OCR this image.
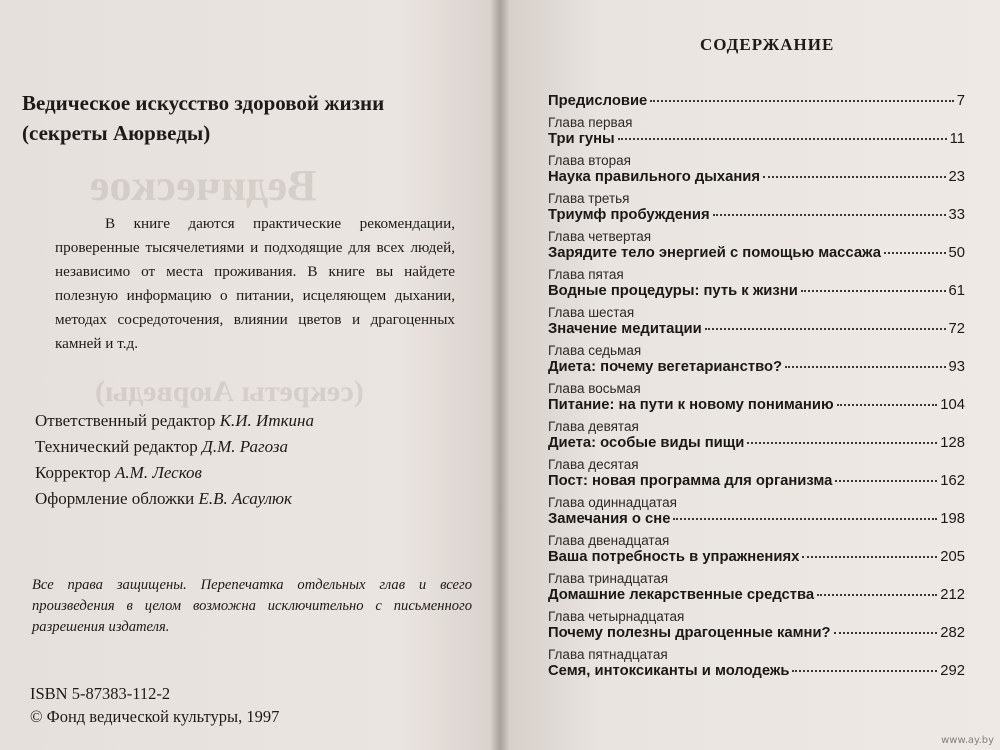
Ведическое
(секреты Аюрведы)
Ведическое искусство здоровой жизни
(секреты Аюрведы)
В книге даются практические рекомендации, проверенные тысячелетиями и подходящие для всех людей, независимо от места проживания. В книге вы найдете полезную информацию о питании, исцеляющем дыхании, методах сосредоточения, влиянии цветов и драгоценных камней и т.д.
Ответственный редактор К.И. Иткина
Технический редактор Д.М. Рагоза
Корректор А.М. Лесков
Оформление обложки Е.В. Асаулюк
Все права защищены. Перепечатка отдельных глав и всего произведения в целом возможна исключительно с письменного разрешения издателя.
ISBN 5-87383-112-2
© Фонд ведической культуры, 1997
СОДЕРЖАНИЕ
Предисловие	7
Глава первая
Три гуны	11
Глава вторая
Наука правильного дыхания	23
Глава третья
Триумф пробуждения	33
Глава четвертая
Зарядите тело энергией с помощью массажа	50
Глава пятая
Водные процедуры: путь к жизни	61
Глава шестая
Значение медитации	72
Глава седьмая
Диета: почему вегетарианство?	93
Глава восьмая
Питание: на пути к новому пониманию	104
Глава девятая
Диета: особые виды пищи	128
Глава десятая
Пост: новая программа для организма	162
Глава одиннадцатая
Замечания о сне	198
Глава двенадцатая
Ваша потребность в упражнениях	205
Глава тринадцатая
Домашние лекарственные средства	212
Глава четырнадцатая
Почему полезны драгоценные камни?	282
Глава пятнадцатая
Семя, интоксиканты и молодежь	292
www.ay.by
